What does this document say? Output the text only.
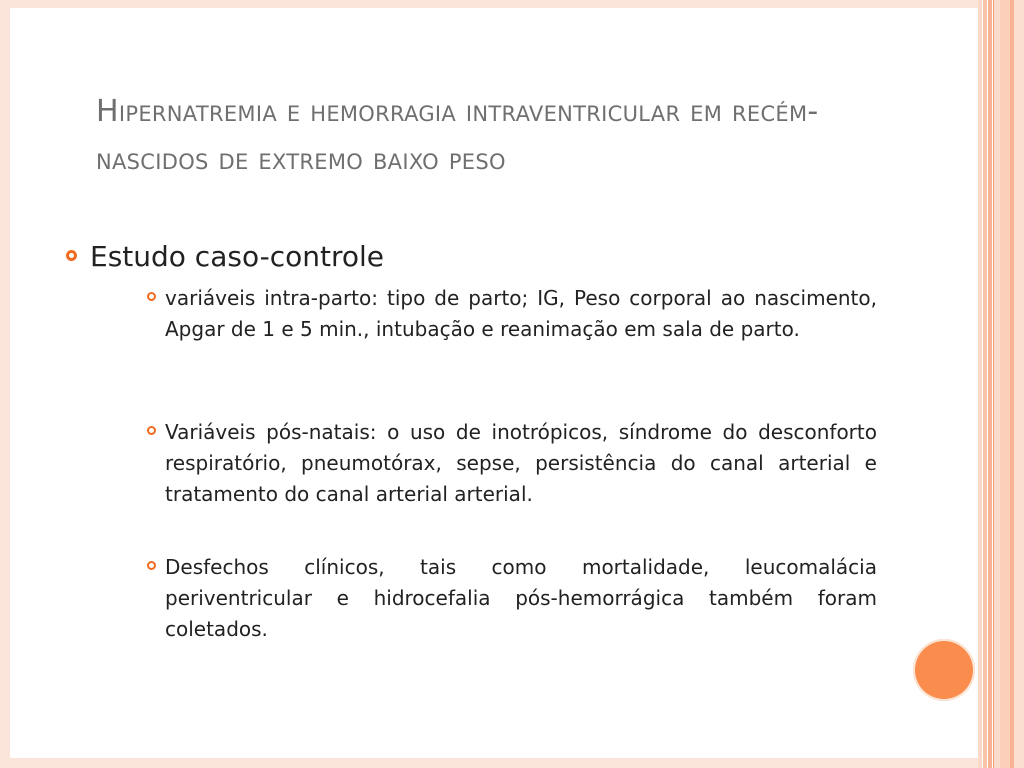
Hipernatremia e hemorragia intraventricular em recém-nascidos de extremo baixo peso
Estudo caso-controle
variáveis intra-parto: tipo de parto; IG, Peso corporal ao nascimento, Apgar de 1 e 5 min., intubação e reanimação em sala de parto.
Variáveis pós-natais: o uso de inotrópicos, síndrome do desconforto respiratório, pneumotórax, sepse, persistência do canal arterial e tratamento do canal arterial arterial.
Desfechos clínicos, tais como mortalidade, leucomalácia periventricular e hidrocefalia pós-hemorrágica também foram coletados.
